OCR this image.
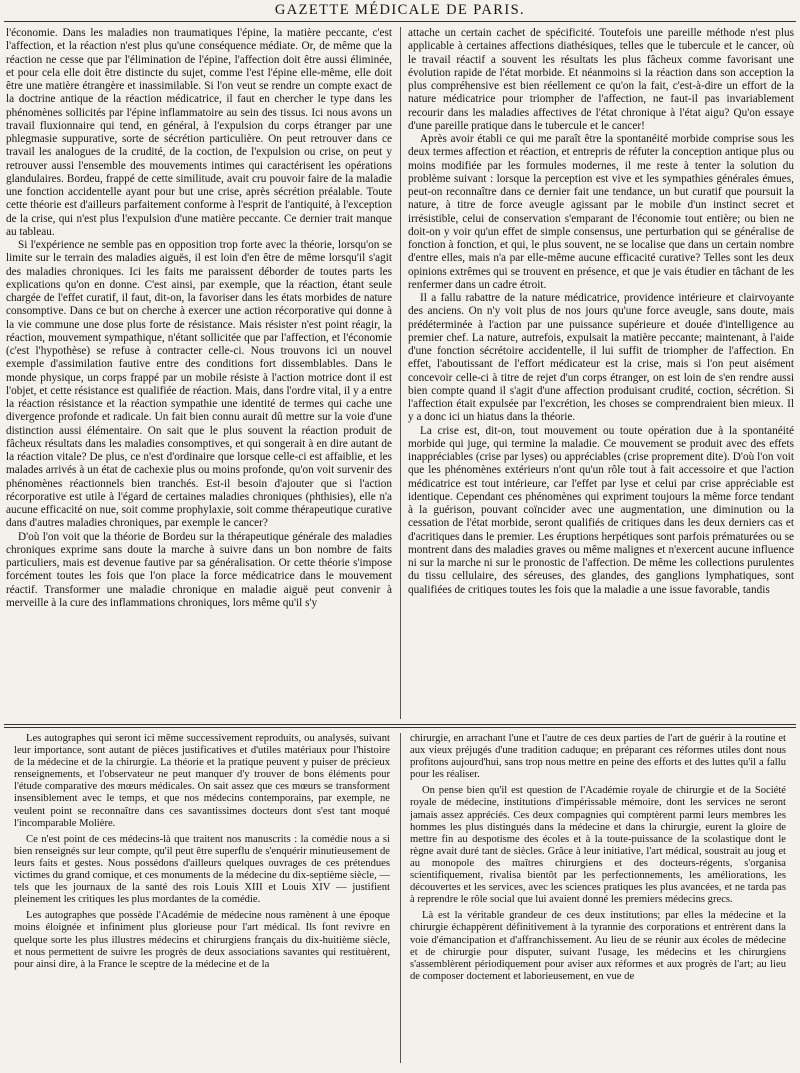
GAZETTE MÉDICALE DE PARIS.

l'économie. Dans les maladies non traumatiques l'épine, la matière peccante, c'est l'affection, et la réaction n'est plus qu'une conséquence médiate. Or, de même que la réaction ne cesse que par l'élimination de l'épine, l'affection doit être aussi éliminée, et pour cela elle doit être distincte du sujet, comme l'est l'épine elle-même, elle doit être une matière étrangère et inassimilable. Si l'on veut se rendre un compte exact de la doctrine antique de la réaction médicatrice, il faut en chercher le type dans les phénomènes sollicités par l'épine inflammatoire au sein des tissus. Ici nous avons un travail fluxionnaire qui tend, en général, à l'expulsion du corps étranger par une phlegmasie suppurative, sorte de sécrétion particulière. On peut retrouver dans ce travail les analogues de la crudité, de la coction, de l'expulsion ou crise, on peut y retrouver aussi l'ensemble des mouvements intimes qui caractérisent les opérations glandulaires. Bordeu, frappé de cette similitude, avait cru pouvoir faire de la maladie une fonction accidentelle ayant pour but une crise, après sécrétion préalable. Toute cette théorie est d'ailleurs parfaitement conforme à l'esprit de l'antiquité, à l'exception de la crise, qui n'est plus l'expulsion d'une matière peccante. Ce dernier trait manque au tableau.

Si l'expérience ne semble pas en opposition trop forte avec la théorie, lorsqu'on se limite sur le terrain des maladies aiguës, il est loin d'en être de même lorsqu'il s'agit des maladies chroniques. Ici les faits me paraissent déborder de toutes parts les explications qu'on en donne. C'est ainsi, par exemple, que la réaction, étant seule chargée de l'effet curatif, il faut, dit-on, la favoriser dans les états morbides de nature consomptive. Dans ce but on cherche à exercer une action récorporative qui donne à la vie commune une dose plus forte de résistance. Mais résister n'est point réagir, la réaction, mouvement sympathique, n'étant sollicitée que par l'affection, et l'économie (c'est l'hypothèse) se refuse à contracter celle-ci. Nous trouvons ici un nouvel exemple d'assimilation fautive entre des conditions fort dissemblables. Dans le monde physique, un corps frappé par un mobile résiste à l'action motrice dont il est l'objet, et cette résistance est qualifiée de réaction. Mais, dans l'ordre vital, il y a entre la réaction résistance et la réaction sympathie une identité de termes qui cache une divergence profonde et radicale. Un fait bien connu aurait dû mettre sur la voie d'une distinction aussi élémentaire. On sait que le plus souvent la réaction produit de fâcheux résultats dans les maladies consomptives, et qui songerait à en dire autant de la réaction vitale? De plus, ce n'est d'ordinaire que lorsque celle-ci est affaiblie, et les malades arrivés à un état de cachexie plus ou moins profonde, qu'on voit survenir des phénomènes réactionnels bien tranchés. Est-il besoin d'ajouter que si l'action récorporative est utile à l'égard de certaines maladies chroniques (phthisies), elle n'a aucune efficacité on nue, soit comme prophylaxie, soit comme thérapeutique curative dans d'autres maladies chroniques, par exemple le cancer?

D'où l'on voit que la théorie de Bordeu sur la thérapeutique générale des maladies chroniques exprime sans doute la marche à suivre dans un bon nombre de faits particuliers, mais est devenue fautive par sa généralisation. Or cette théorie s'impose forcément toutes les fois que l'on place la force médicatrice dans le mouvement réactif. Transformer une maladie chronique en maladie aiguë peut convenir à merveille à la cure des inflammations chroniques, lors même qu'il s'y

attache un certain cachet de spécificité. Toutefois une pareille méthode n'est plus applicable à certaines affections diathésiques, telles que le tubercule et le cancer, où le travail réactif a souvent les résultats les plus fâcheux comme favorisant une évolution rapide de l'état morbide. Et néanmoins si la réaction dans son acception la plus compréhensive est bien réellement ce qu'on la fait, c'est-à-dire un effort de la nature médicatrice pour triompher de l'affection, ne faut-il pas invariablement recourir dans les maladies affectives de l'état chronique à l'état aigu? Qu'on essaye d'une pareille pratique dans le tubercule et le cancer!

Après avoir établi ce qui me paraît être la spontanéité morbide comprise sous les deux termes affection et réaction, et entrepris de réfuter la conception antique plus ou moins modifiée par les formules modernes, il me reste à tenter la solution du problème suivant : lorsque la perception est vive et les sympathies générales émues, peut-on reconnaître dans ce dernier fait une tendance, un but curatif que poursuit la nature, à titre de force aveugle agissant par le mobile d'un instinct secret et irrésistible, celui de conservation s'emparant de l'économie tout entière; ou bien ne doit-on y voir qu'un effet de simple consensus, une perturbation qui se généralise de fonction à fonction, et qui, le plus souvent, ne se localise que dans un certain nombre d'entre elles, mais n'a par elle-même aucune efficacité curative? Telles sont les deux opinions extrêmes qui se trouvent en présence, et que je vais étudier en tâchant de les renfermer dans un cadre étroit.

Il a fallu rabattre de la nature médicatrice, providence intérieure et clairvoyante des anciens. On n'y voit plus de nos jours qu'une force aveugle, sans doute, mais prédéterminée à l'action par une puissance supérieure et douée d'intelligence au premier chef. La nature, autrefois, expulsait la matière peccante; maintenant, à l'aide d'une fonction sécrétoire accidentelle, il lui suffit de triompher de l'affection. En effet, l'aboutissant de l'effort médicateur est la crise, mais si l'on peut aisément concevoir celle-ci à titre de rejet d'un corps étranger, on est loin de s'en rendre aussi bien compte quand il s'agit d'une affection produisant crudité, coction, sécrétion. Si l'affection était expulsée par l'excrétion, les choses se comprendraient bien mieux. Il y a donc ici un hiatus dans la théorie.

La crise est, dit-on, tout mouvement ou toute opération due à la spontanéité morbide qui juge, qui termine la maladie. Ce mouvement se produit avec des effets inappréciables (crise par lyses) ou appréciables (crise proprement dite). D'où l'on voit que les phénomènes extérieurs n'ont qu'un rôle tout à fait accessoire et que l'action médicatrice est tout intérieure, car l'effet par lyse et celui par crise appréciable est identique. Cependant ces phénomènes qui expriment toujours la même force tendant à la guérison, pouvant coïncider avec une augmentation, une diminution ou la cessation de l'état morbide, seront qualifiés de critiques dans les deux derniers cas et d'acritiques dans le premier. Les éruptions herpétiques sont parfois prématurées ou se montrent dans des maladies graves ou même malignes et n'exercent aucune influence ni sur la marche ni sur le pronostic de l'affection. De même les collections purulentes du tissu cellulaire, des séreuses, des glandes, des ganglions lymphatiques, sont qualifiées de critiques toutes les fois que la maladie a une issue favorable, tandis

Les autographes qui seront ici même successivement reproduits, ou analysés, suivant leur importance, sont autant de pièces justificatives et d'utiles matériaux pour l'histoire de la médecine et de la chirurgie. La théorie et la pratique peuvent y puiser de précieux renseignements, et l'observateur ne peut manquer d'y trouver de bons éléments pour l'étude comparative des mœurs médicales. On sait assez que ces mœurs se transforment insensiblement avec le temps, et que nos médecins contemporains, par exemple, ne veulent point se reconnaître dans ces savantissimes docteurs dont s'est tant moqué l'incomparable Molière.

Ce n'est point de ces médecins-là que traitent nos manuscrits : la comédie nous a si bien renseignés sur leur compte, qu'il peut être superflu de s'enquérir minutieusement de leurs faits et gestes. Nous possédons d'ailleurs quelques ouvrages de ces prétendues victimes du grand comique, et ces monuments de la médecine du dix-septième siècle, — tels que les journaux de la santé des rois Louis XIII et Louis XIV — justifient pleinement les critiques les plus mordantes de la comédie.

Les autographes que possède l'Académie de médecine nous ramènent à une époque moins éloignée et infiniment plus glorieuse pour l'art médical. Ils font revivre en quelque sorte les plus illustres médecins et chirurgiens français du dix-huitième siècle, et nous permettent de suivre les progrès de deux associations savantes qui restituèrent, pour ainsi dire, à la France le sceptre de la médecine et de la

chirurgie, en arrachant l'une et l'autre de ces deux parties de l'art de guérir à la routine et aux vieux préjugés d'une tradition caduque; en préparant ces réformes utiles dont nous profitons aujourd'hui, sans trop nous mettre en peine des efforts et des luttes qu'il a fallu pour les réaliser.

On pense bien qu'il est question de l'Académie royale de chirurgie et de la Société royale de médecine, institutions d'impérissable mémoire, dont les services ne seront jamais assez appréciés. Ces deux compagnies qui comptèrent parmi leurs membres les hommes les plus distingués dans la médecine et dans la chirurgie, eurent la gloire de mettre fin au despotisme des écoles et à la toute-puissance de la scolastique dont le règne avait duré tant de siècles. Grâce à leur initiative, l'art médical, soustrait au joug et au monopole des maîtres chirurgiens et des docteurs-régents, s'organisa scientifiquement, rivalisa bientôt par les perfectionnements, les améliorations, les découvertes et les services, avec les sciences pratiques les plus avancées, et ne tarda pas à reprendre le rôle social que lui avaient donné les premiers médecins grecs.

Là est la véritable grandeur de ces deux institutions; par elles la médecine et la chirurgie échappèrent définitivement à la tyrannie des corporations et entrèrent dans la voie d'émancipation et d'affranchissement. Au lieu de se réunir aux écoles de médecine et de chirurgie pour disputer, suivant l'usage, les médecins et les chirurgiens s'assemblèrent périodiquement pour aviser aux réformes et aux progrès de l'art; au lieu de composer doctement et laborieusement, en vue de
